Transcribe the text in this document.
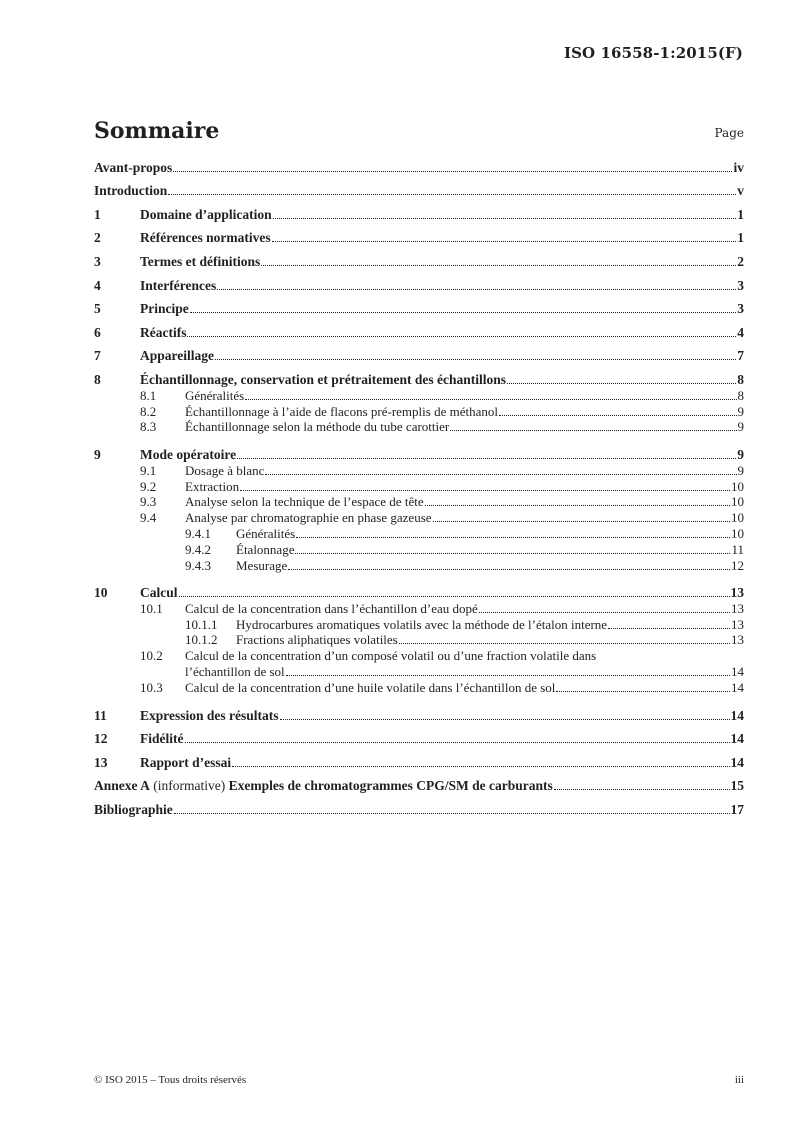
ISO 16558-1:2015(F)
Sommaire	Page
Avant-propos	iv
Introduction	v
1	Domaine d’application	1
2	Références normatives	1
3	Termes et définitions	2
4	Interférences	3
5	Principe	3
6	Réactifs	4
7	Appareillage	7
8	Échantillonnage, conservation et prétraitement des échantillons	8
8.1	Généralités	8
8.2	Échantillonnage à l’aide de flacons pré-remplis de méthanol	9
8.3	Échantillonnage selon la méthode du tube carottier	9
9	Mode opératoire	9
9.1	Dosage à blanc	9
9.2	Extraction	10
9.3	Analyse selon la technique de l’espace de tête	10
9.4	Analyse par chromatographie en phase gazeuse	10
9.4.1	Généralités	10
9.4.2	Étalonnage	11
9.4.3	Mesurage	12
10	Calcul	13
10.1	Calcul de la concentration dans l’échantillon d’eau dopé	13
10.1.1	Hydrocarbures aromatiques volatils avec la méthode de l’étalon interne	13
10.1.2	Fractions aliphatiques volatiles	13
10.2	Calcul de la concentration d’un composé volatil ou d’une fraction volatile dans
l’échantillon de sol	14
10.3	Calcul de la concentration d’une huile volatile dans l’échantillon de sol	14
11	Expression des résultats	14
12	Fidélité	14
13	Rapport d’essai	14
Annexe A (informative) Exemples de chromatogrammes CPG/SM de carburants	15
Bibliographie	17
© ISO 2015 – Tous droits réservés	iii
